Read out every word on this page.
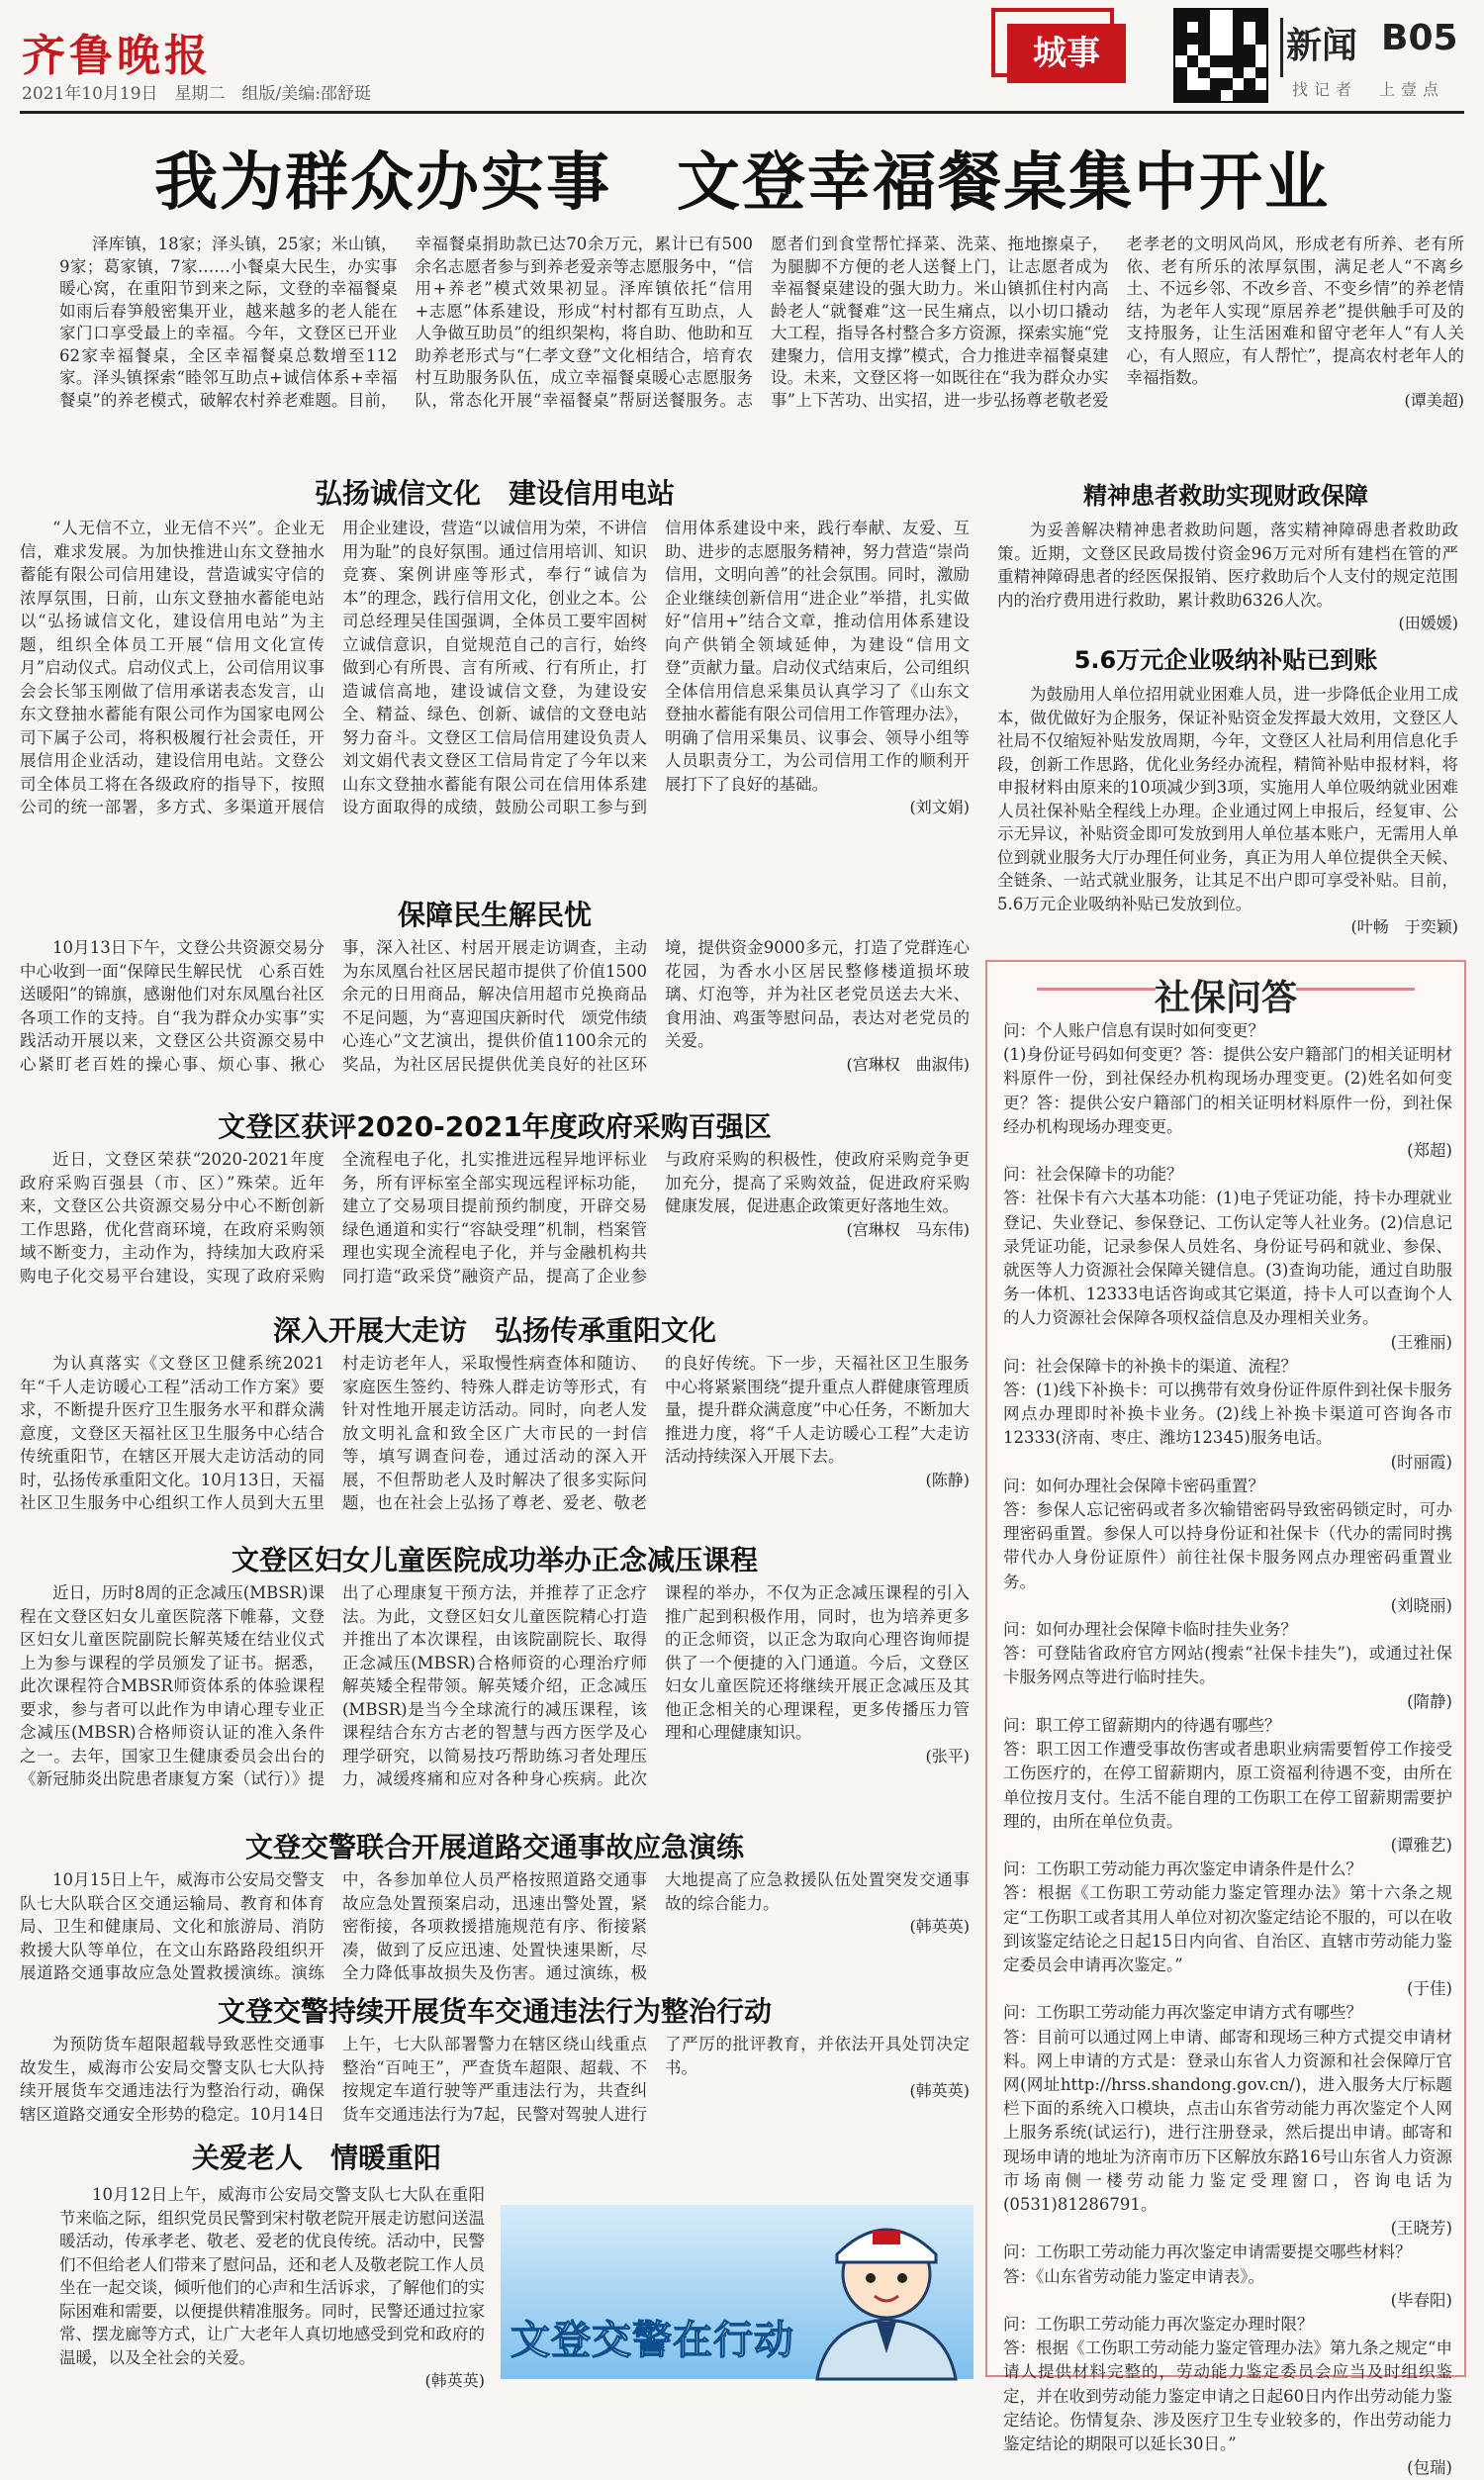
齐鲁晚报
2021年10月19日　星期二　组版/美编:邵舒珽
城事	新闻 B05
找记者　上壹点
我为群众办实事　文登幸福餐桌集中开业

泽库镇，18家；泽头镇，25家；米山镇，9家；葛家镇，7家……小餐桌大民生，办实事暖心窝，在重阳节到来之际，文登的幸福餐桌如雨后春笋般密集开业，越来越多的老人能在家门口享受最上的幸福。今年，文登区已开业62家幸福餐桌，全区幸福餐桌总数增至112家。泽头镇探索“睦邻互助点+诚信体系+幸福餐桌”的养老模式，破解农村养老难题。目前，幸福餐桌捐助款已达70余万元，累计已有500余名志愿者参与到养老爱亲等志愿服务中，“信用+养老”模式效果初显。泽库镇依托“信用+志愿”体系建设，形成“村村都有互助点，人人争做互助员”的组织架构，将自助、他助和互助养老形式与“仁孝文登”文化相结合，培育农村互助服务队伍，成立幸福餐桌暖心志愿服务队，常态化开展“幸福餐桌”帮厨送餐服务。志愿者们到食堂帮忙择菜、洗菜、拖地擦桌子，为腿脚不方便的老人送餐上门，让志愿者成为幸福餐桌建设的强大助力。米山镇抓住村内高龄老人“就餐难”这一民生痛点，以小切口撬动大工程，指导各村整合多方资源，探索实施“党建聚力，信用支撑”模式，合力推进幸福餐桌建设。未来，文登区将一如既往在“我为群众办实事”上下苦功、出实招，进一步弘扬尊老敬老爱老孝老的文明风尚风，形成老有所养、老有所依、老有所乐的浓厚氛围，满足老人“不离乡土、不远乡邻、不改乡音、不变乡情”的养老情结，为老年人实现“原居养老”提供触手可及的支持服务，让生活困难和留守老年人“有人关心，有人照应，有人帮忙”，提高农村老年人的幸福指数。

(谭美超)
弘扬诚信文化　建设信用电站

“人无信不立，业无信不兴”。企业无信，难求发展。为加快推进山东文登抽水蓄能有限公司信用建设，营造诚实守信的浓厚氛围，日前，山东文登抽水蓄能电站以“弘扬诚信文化，建设信用电站”为主题，组织全体员工开展“信用文化宣传月”启动仪式。启动仪式上，公司信用议事会会长邹玉刚做了信用承诺表态发言，山东文登抽水蓄能有限公司作为国家电网公司下属子公司，将积极履行社会责任，开展信用企业活动，建设信用电站。文登公司全体员工将在各级政府的指导下，按照公司的统一部署，多方式、多渠道开展信用企业建设，营造“以诚信用为荣，不讲信用为耻”的良好氛围。通过信用培训、知识竞赛、案例讲座等形式，奉行“诚信为本”的理念，践行信用文化，创业之本。公司总经理吴佳国强调，全体员工要牢固树立诚信意识，自觉规范自己的言行，始终做到心有所畏、言有所戒、行有所止，打造诚信高地，建设诚信文登，为建设安全、精益、绿色、创新、诚信的文登电站努力奋斗。文登区工信局信用建设负责人刘文娟代表文登区工信局肯定了今年以来山东文登抽水蓄能有限公司在信用体系建设方面取得的成绩，鼓励公司职工参与到信用体系建设中来，践行奉献、友爱、互助、进步的志愿服务精神，努力营造“崇尚信用，文明向善”的社会氛围。同时，激励企业继续创新信用“进企业”举措，扎实做好“信用+”结合文章，推动信用体系建设向产供销全领域延伸，为建设“信用文登”贡献力量。启动仪式结束后，公司组织全体信用信息采集员认真学习了《山东文登抽水蓄能有限公司信用工作管理办法》，明确了信用采集员、议事会、领导小组等人员职责分工，为公司信用工作的顺利开展打下了良好的基础。

(刘文娟)
保障民生解民忧

10月13日下午，文登公共资源交易分中心收到一面“保障民生解民忧　心系百姓送暖阳”的锦旗，感谢他们对东凤凰台社区各项工作的支持。自“我为群众办实事”实践活动开展以来，文登区公共资源交易中心紧盯老百姓的操心事、烦心事、揪心事，深入社区、村居开展走访调查，主动为东凤凰台社区居民超市提供了价值1500余元的日用商品，解决信用超市兑换商品不足问题，为“喜迎国庆新时代　颂党伟绩心连心”文艺演出，提供价值1100余元的奖品，为社区居民提供优美良好的社区环境，提供资金9000多元，打造了党群连心花园，为香水小区居民整修楼道损坏玻璃、灯泡等，并为社区老党员送去大米、食用油、鸡蛋等慰问品，表达对老党员的关爱。

(宫琳权　曲淑伟)
文登区获评2020-2021年度政府采购百强区

近日，文登区荣获“2020-2021年度政府采购百强县（市、区）”殊荣。近年来，文登区公共资源交易分中心不断创新工作思路，优化营商环境，在政府采购领域不断变力，主动作为，持续加大政府采购电子化交易平台建设，实现了政府采购全流程电子化，扎实推进远程异地评标业务，所有评标室全部实现远程评标功能，建立了交易项目提前预约制度，开辟交易绿色通道和实行“容缺受理”机制，档案管理也实现全流程电子化，并与金融机构共同打造“政采贷”融资产品，提高了企业参与政府采购的积极性，使政府采购竞争更加充分，提高了采购效益，促进政府采购健康发展，促进惠企政策更好落地生效。

(宫琳权　马东伟)
深入开展大走访　弘扬传承重阳文化

为认真落实《文登区卫健系统2021年“千人走访暖心工程”活动工作方案》要求，不断提升医疗卫生服务水平和群众满意度，文登区天福社区卫生服务中心结合传统重阳节，在辖区开展大走访活动的同时，弘扬传承重阳文化。10月13日，天福社区卫生服务中心组织工作人员到大五里村走访老年人，采取慢性病查体和随访、家庭医生签约、特殊人群走访等形式，有针对性地开展走访活动。同时，向老人发放文明礼盒和致全区广大市民的一封信等，填写调查问卷，通过活动的深入开展，不但帮助老人及时解决了很多实际问题，也在社会上弘扬了尊老、爱老、敬老的良好传统。下一步，天福社区卫生服务中心将紧紧围绕“提升重点人群健康管理质量，提升群众满意度”中心任务，不断加大推进力度，将“千人走访暖心工程”大走访活动持续深入开展下去。

(陈静)
文登区妇女儿童医院成功举办正念减压课程

近日，历时8周的正念减压(MBSR)课程在文登区妇女儿童医院落下帷幕，文登区妇女儿童医院副院长解英矮在结业仪式上为参与课程的学员颁发了证书。据悉，此次课程符合MBSR师资体系的体验课程要求，参与者可以此作为申请心理专业正念减压(MBSR)合格师资认证的准入条件之一。去年，国家卫生健康委员会出台的《新冠肺炎出院患者康复方案（试行）》提出了心理康复干预方法，并推荐了正念疗法。为此，文登区妇女儿童医院精心打造并推出了本次课程，由该院副院长、取得正念减压(MBSR)合格师资的心理治疗师解英矮全程带领。解英矮介绍，正念减压(MBSR)是当今全球流行的减压课程，该课程结合东方古老的智慧与西方医学及心理学研究，以简易技巧帮助练习者处理压力，减缓疼痛和应对各种身心疾病。此次课程的举办，不仅为正念减压课程的引入推广起到积极作用，同时，也为培养更多的正念师资，以正念为取向心理咨询师提供了一个便捷的入门通道。今后，文登区妇女儿童医院还将继续开展正念减压及其他正念相关的心理课程，更多传播压力管理和心理健康知识。

(张平)
文登交警联合开展道路交通事故应急演练

10月15日上午，威海市公安局交警支队七大队联合区交通运输局、教育和体育局、卫生和健康局、文化和旅游局、消防救援大队等单位，在文山东路路段组织开展道路交通事故应急处置救援演练。演练中，各参加单位人员严格按照道路交通事故应急处置预案启动，迅速出警处置，紧密衔接，各项救援措施规范有序、衔接紧凑，做到了反应迅速、处置快速果断，尽全力降低事故损失及伤害。通过演练，极大地提高了应急救援队伍处置突发交通事故的综合能力。

(韩英英)
文登交警持续开展货车交通违法行为整治行动

为预防货车超限超载导致恶性交通事故发生，威海市公安局交警支队七大队持续开展货车交通违法行为整治行动，确保辖区道路交通安全形势的稳定。10月14日上午，七大队部署警力在辖区绕山线重点整治“百吨王”，严查货车超限、超载、不按规定车道行驶等严重违法行为，共查纠货车交通违法行为7起，民警对驾驶人进行了严厉的批评教育，并依法开具处罚决定书。

(韩英英)
关爱老人　情暖重阳

10月12日上午，威海市公安局交警支队七大队在重阳节来临之际，组织党员民警到宋村敬老院开展走访慰问送温暖活动，传承孝老、敬老、爱老的优良传统。活动中，民警们不但给老人们带来了慰问品，还和老人及敬老院工作人员坐在一起交谈，倾听他们的心声和生活诉求，了解他们的实际困难和需要，以便提供精准服务。同时，民警还通过拉家常、摆龙廊等方式，让广大老年人真切地感受到党和政府的温暖，以及全社会的关爱。

(韩英英)
文登交警在行动
精神患者救助实现财政保障

为妥善解决精神患者救助问题，落实精神障碍患者救助政策。近期，文登区民政局拨付资金96万元对所有建档在管的严重精神障碍患者的经医保报销、医疗救助后个人支付的规定范围内的治疗费用进行救助，累计救助6326人次。

(田媛媛)
5.6万元企业吸纳补贴已到账

为鼓励用人单位招用就业困难人员，进一步降低企业用工成本，做优做好为企服务，保证补贴资金发挥最大效用，文登区人社局不仅缩短补贴发放周期，今年，文登区人社局利用信息化手段，创新工作思路，优化业务经办流程，精简补贴申报材料，将申报材料由原来的10项减少到3项，实施用人单位吸纳就业困难人员社保补贴全程线上办理。企业通过网上申报后，经复审、公示无异议，补贴资金即可发放到用人单位基本账户，无需用人单位到就业服务大厅办理任何业务，真正为用人单位提供全天候、全链条、一站式就业服务，让其足不出户即可享受补贴。目前，5.6万元企业吸纳补贴已发放到位。

(叶畅　于奕颖)
社保问答

问：个人账户信息有误时如何变更？

(1)身份证号码如何变更？答：提供公安户籍部门的相关证明材料原件一份，到社保经办机构现场办理变更。(2)姓名如何变更？答：提供公安户籍部门的相关证明材料原件一份，到社保经办机构现场办理变更。

(郑超)

问：社会保障卡的功能？

答：社保卡有六大基本功能：(1)电子凭证功能，持卡办理就业登记、失业登记、参保登记、工伤认定等人社业务。(2)信息记录凭证功能，记录参保人员姓名、身份证号码和就业、参保、就医等人力资源社会保障关键信息。(3)查询功能，通过自助服务一体机、12333电话咨询或其它渠道，持卡人可以查询个人的人力资源社会保障各项权益信息及办理相关业务。

(王雅丽)

问：社会保障卡的补换卡的渠道、流程？

答：(1)线下补换卡：可以携带有效身份证件原件到社保卡服务网点办理即时补换卡业务。(2)线上补换卡渠道可咨询各市12333(济南、枣庄、潍坊12345)服务电话。

(时丽霞)

问：如何办理社会保障卡密码重置？

答：参保人忘记密码或者多次输错密码导致密码锁定时，可办理密码重置。参保人可以持身份证和社保卡（代办的需同时携带代办人身份证原件）前往社保卡服务网点办理密码重置业务。

(刘晓丽)

问：如何办理社会保障卡临时挂失业务？

答：可登陆省政府官方网站(搜索“社保卡挂失”)，或通过社保卡服务网点等进行临时挂失。

(隋静)

问：职工停工留薪期内的待遇有哪些？

答：职工因工作遭受事故伤害或者患职业病需要暂停工作接受工伤医疗的，在停工留薪期内，原工资福利待遇不变，由所在单位按月支付。生活不能自理的工伤职工在停工留薪期需要护理的，由所在单位负责。

(谭雅艺)

问：工伤职工劳动能力再次鉴定申请条件是什么？

答：根据《工伤职工劳动能力鉴定管理办法》第十六条之规定“工伤职工或者其用人单位对初次鉴定结论不服的，可以在收到该鉴定结论之日起15日内向省、自治区、直辖市劳动能力鉴定委员会申请再次鉴定。”

(于佳)

问：工伤职工劳动能力再次鉴定申请方式有哪些？

答：目前可以通过网上申请、邮寄和现场三种方式提交申请材料。网上申请的方式是：登录山东省人力资源和社会保障厅官网(网址http://hrss.shandong.gov.cn/)，进入服务大厅标题栏下面的系统入口模块，点击山东省劳动能力再次鉴定个人网上服务系统(试运行)，进行注册登录，然后提出申请。邮寄和现场申请的地址为济南市历下区解放东路16号山东省人力资源市场南侧一楼劳动能力鉴定受理窗口，咨询电话为(0531)81286791。

(王晓芳)

问：工伤职工劳动能力再次鉴定申请需要提交哪些材料？

答：《山东省劳动能力鉴定申请表》。

(毕春阳)

问：工伤职工劳动能力再次鉴定办理时限？

答：根据《工伤职工劳动能力鉴定管理办法》第九条之规定“申请人提供材料完整的，劳动能力鉴定委员会应当及时组织鉴定，并在收到劳动能力鉴定申请之日起60日内作出劳动能力鉴定结论。伤情复杂、涉及医疗卫生专业较多的，作出劳动能力鉴定结论的期限可以延长30日。”

(包瑞)
